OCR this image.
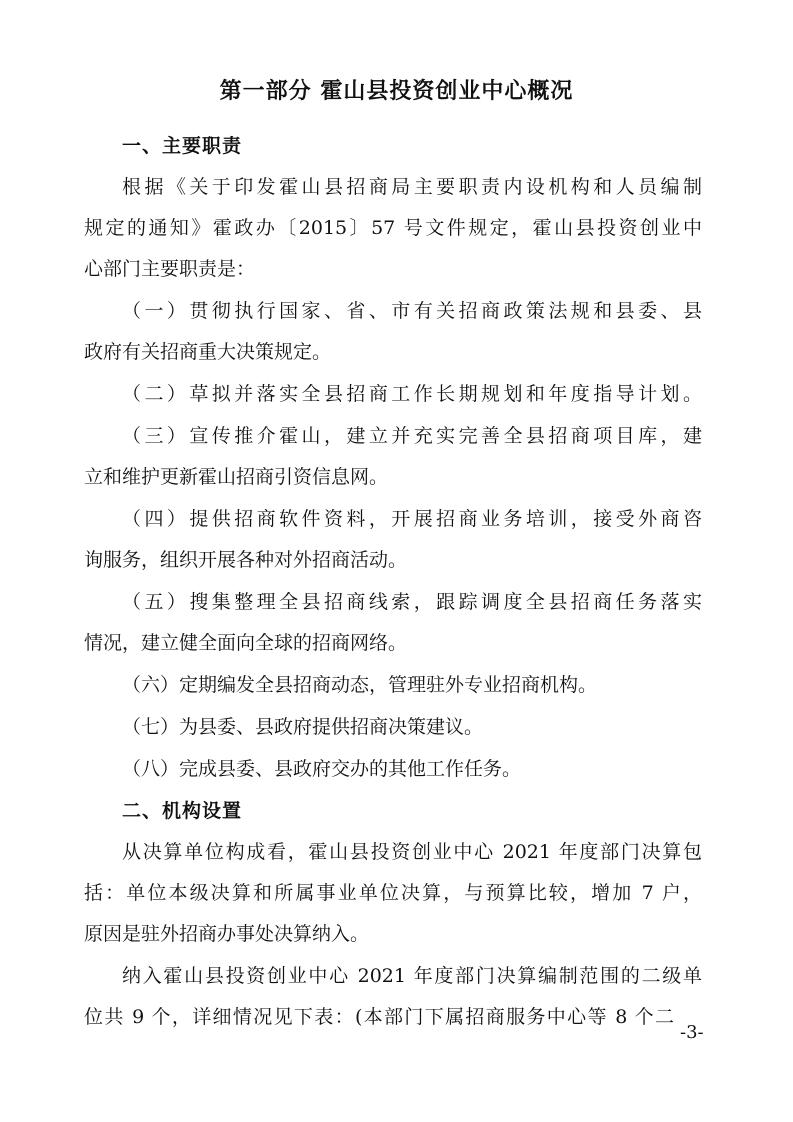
第一部分 霍山县投资创业中心概况
一、主要职责
根据《关于印发霍山县招商局主要职责内设机构和人员编制
规定的通知》霍政办〔2015〕57 号文件规定，霍山县投资创业中
心部门主要职责是：
（一）贯彻执行国家、省、市有关招商政策法规和县委、县
政府有关招商重大决策规定。
（二）草拟并落实全县招商工作长期规划和年度指导计划。
（三）宣传推介霍山，建立并充实完善全县招商项目库，建
立和维护更新霍山招商引资信息网。
（四）提供招商软件资料，开展招商业务培训，接受外商咨
询服务，组织开展各种对外招商活动。
（五）搜集整理全县招商线索，跟踪调度全县招商任务落实
情况，建立健全面向全球的招商网络。
（六）定期编发全县招商动态，管理驻外专业招商机构。
（七）为县委、县政府提供招商决策建议。
（八）完成县委、县政府交办的其他工作任务。
二、机构设置
从决算单位构成看，霍山县投资创业中心 2021 年度部门决算包
括：单位本级决算和所属事业单位决算，与预算比较，增加 7 户，
原因是驻外招商办事处决算纳入。
纳入霍山县投资创业中心 2021 年度部门决算编制范围的二级单
位共 9 个，详细情况见下表：(本部门下属招商服务中心等 8 个二
-3-
